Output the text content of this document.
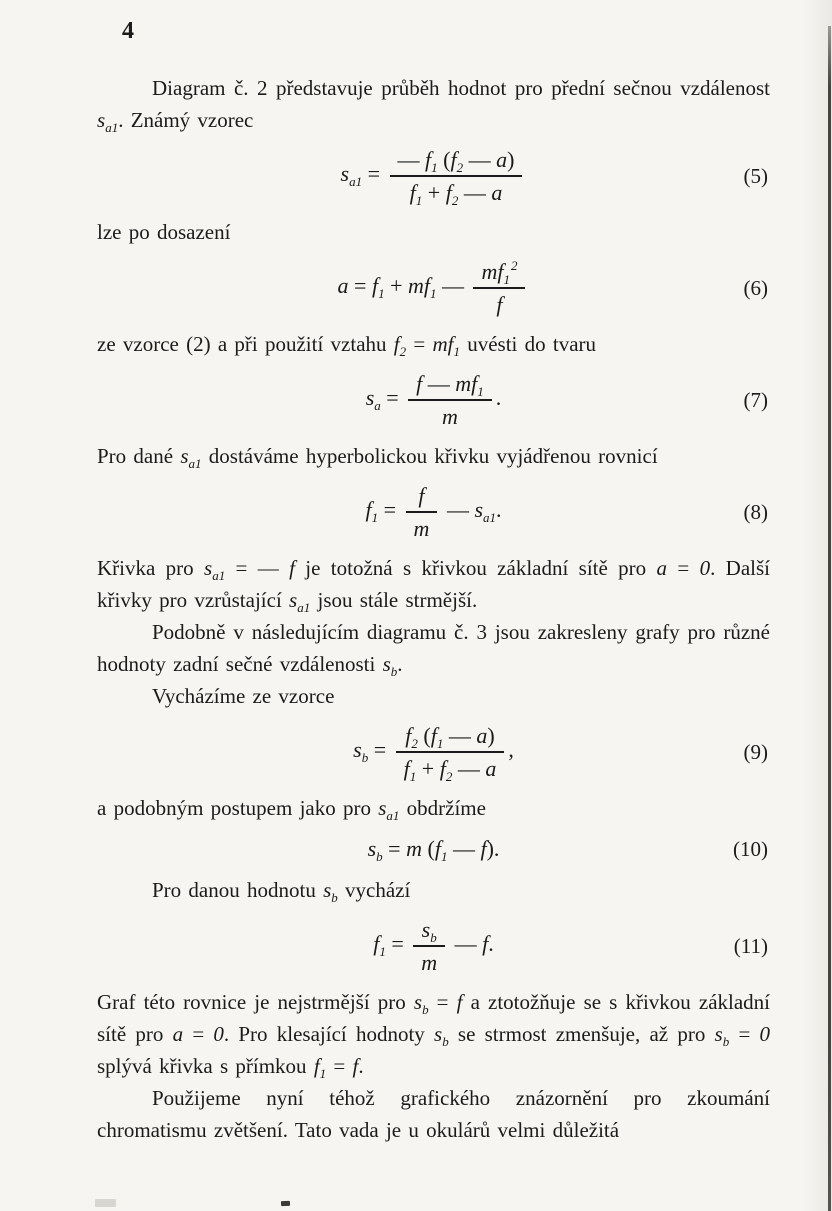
4

Diagram č. 2 představuje průběh hodnot pro přední sečnou vzdálenost $s_{a1}$. Známý vzorec

$s_{a1} = \frac{— f_1 (f_2 — a)}{f_1 + f_2 — a}$	(5)

lze po dosazení

$a = f_1 + mf_1$ — $\frac{mf_1^2}{f}$	(6)

ze vzorce (2) a při použití vztahu $f_2 = mf_1$ uvésti do tvaru

$s_a = \frac{f — mf_1}{m}$ .	(7)

Pro dané $s_{a1}$ dostáváme hyperbolickou křivku vyjádřenou rovnicí

$f_1 = \frac{f}{m}$ — $s_{a1}$.	(8)

Křivka pro $s_{a1}$ = — f je totožná s křivkou základní sítě pro a = 0. Další křivky pro vzrůstající $s_{a1}$ jsou stále strmější.

Podobně v následujícím diagramu č. 3 jsou zakresleny grafy pro různé hodnoty zadní sečné vzdálenosti $s_b$.

Vycházíme ze vzorce

$s_b = \frac{f_2 (f_1 — a)}{f_1 + f_2 — a}$ ,	(9)

a podobným postupem jako pro $s_{a1}$ obdržíme

$s_b = m$ ($f_1$ — f).	(10)

Pro danou hodnotu $s_b$ vychází

$f_1 = \frac{s_b}{m}$ — f.	(11)

Graf této rovnice je nejstrmější pro $s_b = f$ a ztotožňuje se s křivkou základní sítě pro a = 0. Pro klesající hodnoty $s_b$ se strmost zmenšuje, až pro $s_b = 0$ splývá křivka s přímkou $f_1 = f$.

Použijeme nyní téhož grafického znázornění pro zkoumání chromatismu zvětšení. Tato vada je u okulárů velmi důležitá
